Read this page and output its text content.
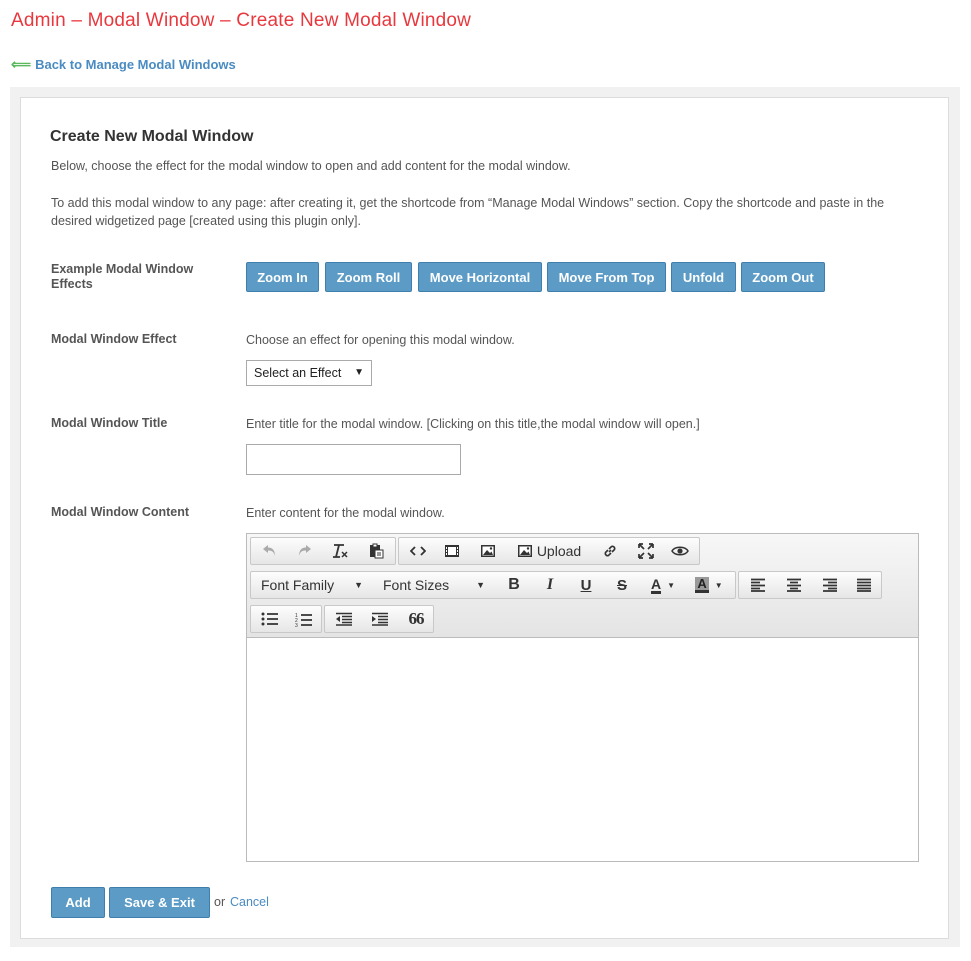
Admin – Modal Window – Create New Modal Window
⟸ Back to Manage Modal Windows
Create New Modal Window
Below, choose the effect for the modal window to open and add content for the modal window.
To add this modal window to any page: after creating it, get the shortcode from “Manage Modal Windows” section. Copy the shortcode and paste in the desired widgetized page [created using this plugin only].
Example Modal Window Effects	Zoom In	Zoom Roll	Move Horizontal	Move From Top	Unfold	Zoom Out
Modal Window Effect	Choose an effect for opening this modal window.
Select an Effect ▼
Modal Window Title	Enter title for the modal window. [Clicking on this title,the modal window will open.]
Modal Window Content	Enter content for the modal window.
Upload
Font Family ▼ Font Sizes	▼	B	I	U	S	A ▼ A ▼
1
2
3	66
Add	Save & Exit	or Cancel
